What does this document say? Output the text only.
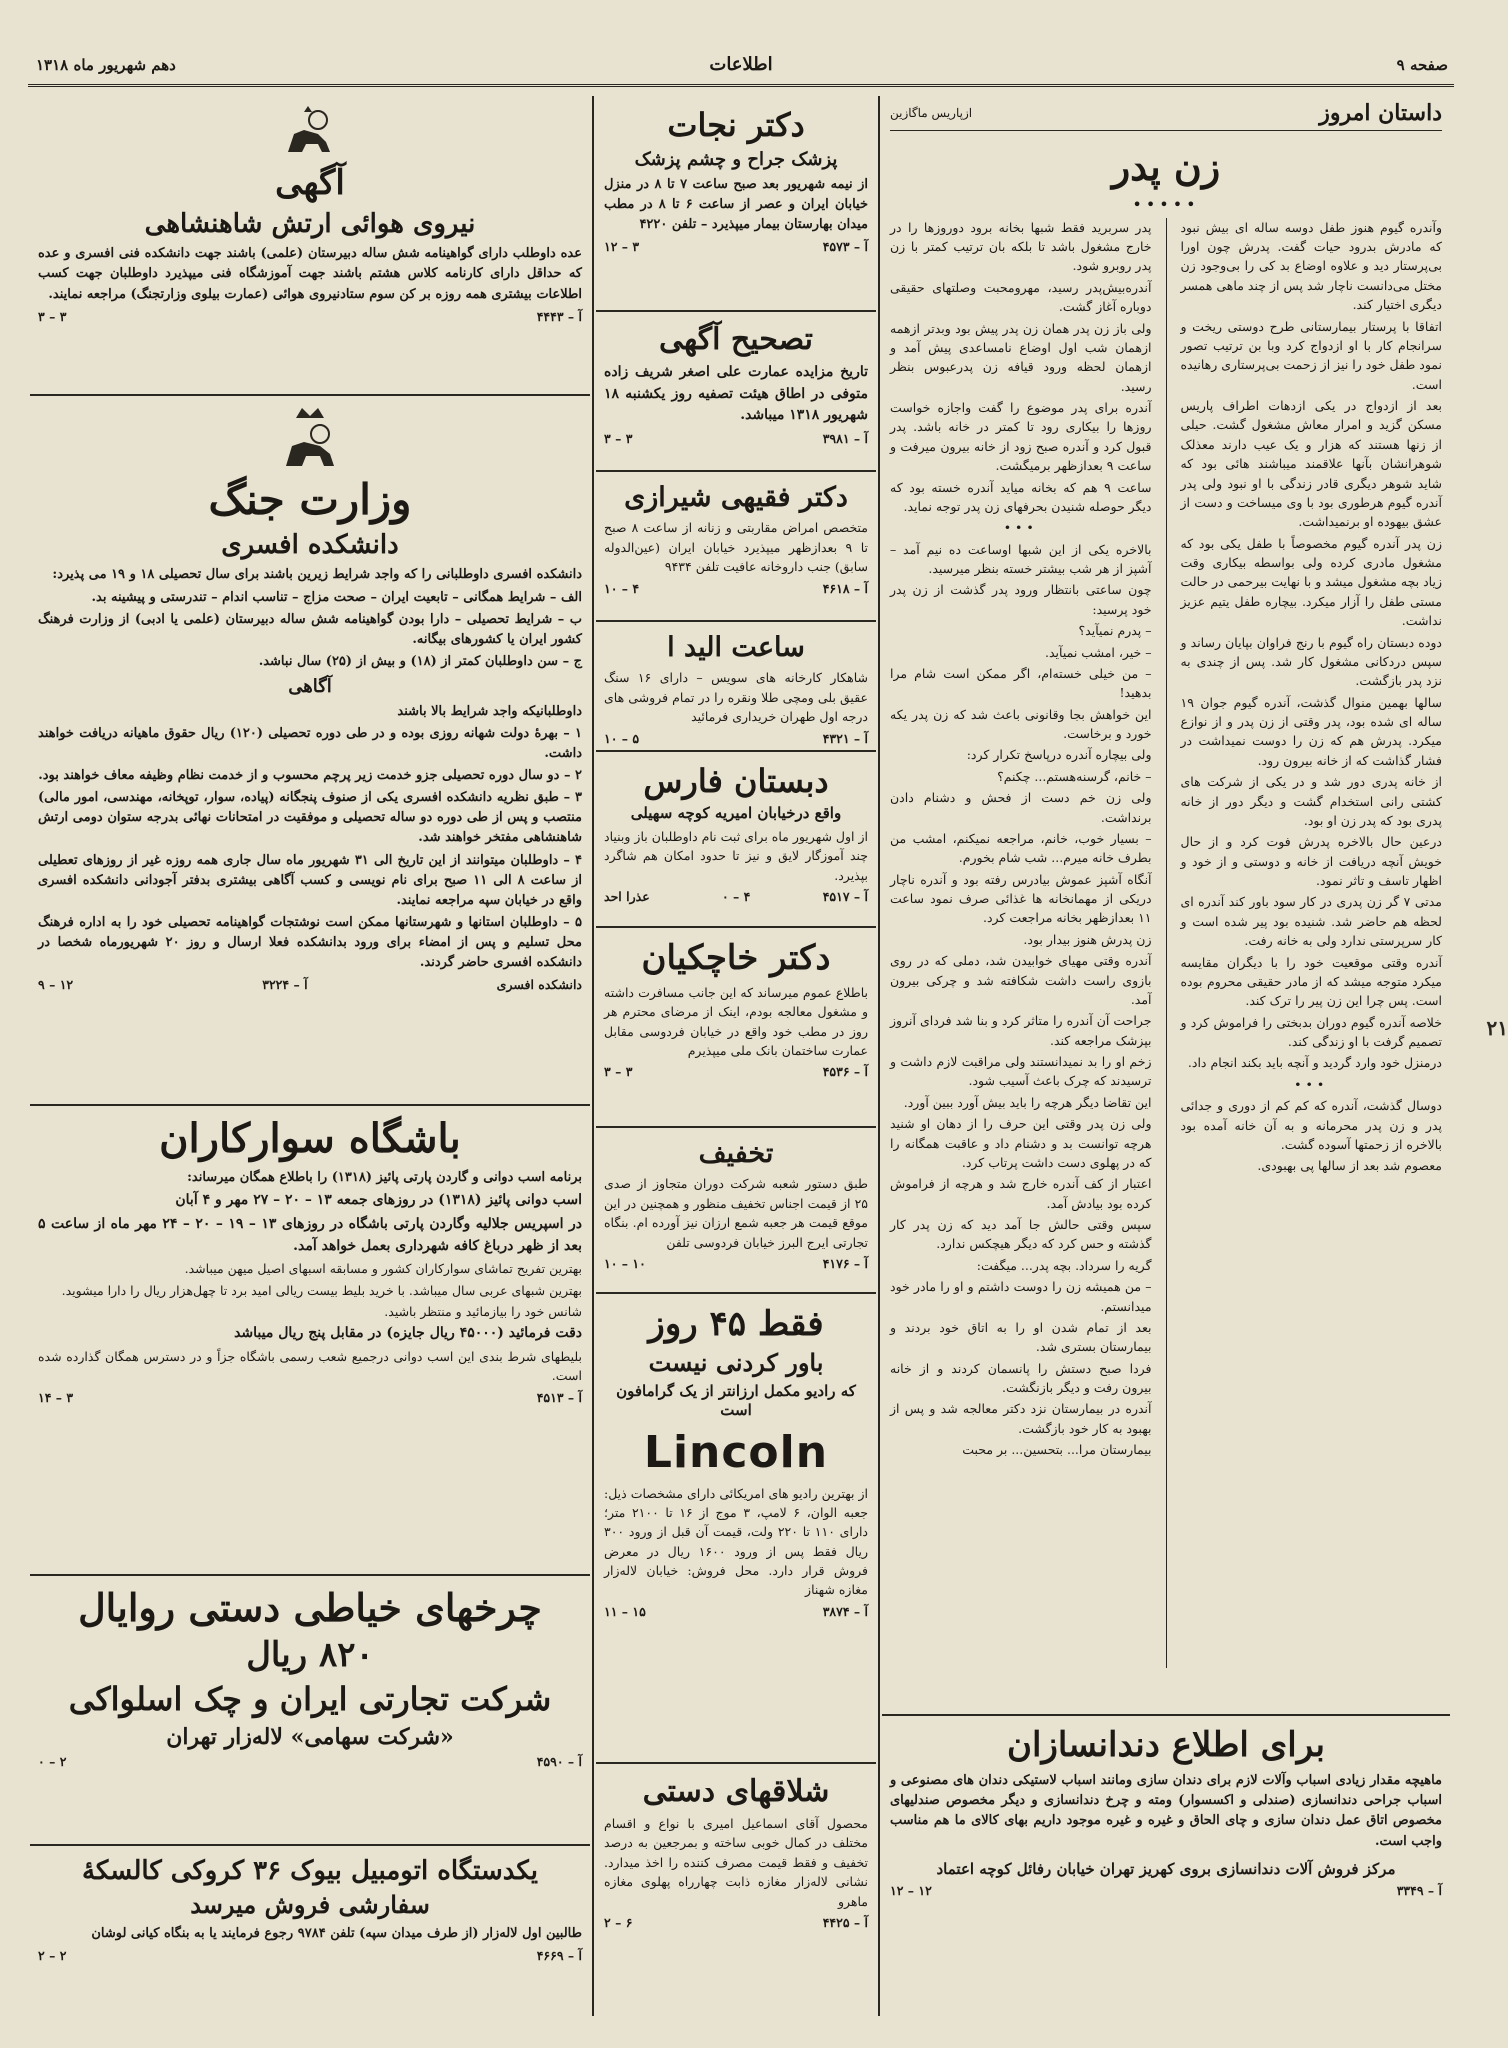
صفحه ۹
اطلاعات
دهم شهریور ماه ۱۳۱۸
۲۱
داستان امروز
ازپاریس ماگازین
زن پدر
•••••

وآندره گیوم هنوز طفل دوسه ساله ای بیش نبود که مادرش بدرود حیات گفت. پدرش چون اورا بی‌پرستار دید و علاوه اوضاع بد کی را بی‌وجود زن مختل می‌دانست ناچار شد پس از چند ماهی همسر دیگری اختیار کند.

اتفاقا با پرستار بیمارستانی طرح دوستی ریخت و سرانجام کار با او ازدواج کرد وبا بن ترتیب تصور نمود طفل خود را نیز از زحمت بی‌پرستاری رهانیده است.

بعد از ازدواج در یکی ازدهات اطراف پاریس مسکن گزید و امرار معاش مشغول گشت. حیلی از زنها هستند که هزار و یک عیب دارند معذلک شوهرانشان بآنها علاقمند میباشند هائی بود که شاید شوهر دیگری قادر زندگی با او نبود ولی پدر آندره گیوم هرطوری بود با وی میساخت و دست از عشق بیهوده او برنمیداشت.

زن پدر آندره گیوم مخصوصاً با طفل یکی بود که مشغول مادری کرده ولی بواسطه بیکاری وقت زیاد بچه مشغول میشد و با نهایت بیرحمی در حالت مستی طفل را آزار میکرد. بیچاره طفل یتیم عزیز نداشت.

دوده دبستان راه گیوم با رنج فراوان بپایان رساند و سپس دردکانی مشغول کار شد. پس از چندی به نزد پدر بازگشت.

سالها بهمین منوال گذشت، آندره گیوم جوان ۱۹ ساله ای شده بود، پدر وقتی از زن پدر و از نوازع میکرد. پدرش هم که زن را دوست نمیداشت در فشار گذاشت که از خانه بیرون رود.

از خانه پدری دور شد و در یکی از شرکت های کشتی رانی استخدام گشت و دیگر دور از خانه پدری بود که پدر زن او بود.

درعین حال بالاخره پدرش فوت کرد و از حال خویش آنچه دریافت از خانه و دوستی و از خود و اظهار تاسف و تاثر نمود.

مدتی ۷ گر زن پدری در کار سود باور کند آندره ای لحظه هم حاضر شد. شنیده بود پیر شده است و کار سرپرستی ندارد ولی به خانه رفت.

آندره وقتی موقعیت خود را با دیگران مقایسه میکرد متوجه میشد که از مادر حقیقی محروم بوده است. پس چرا این زن پیر را ترک کند.

خلاصه آندره گیوم دوران بدبختی را فراموش کرد و تصمیم گرفت با او زندگی کند.

درمنزل خود وارد گردید و آنچه باید بکند انجام داد.

•••

دوسال گذشت، آندره که کم کم از دوری و جدائی پدر و زن پدر محرمانه و به آن خانه آمده بود بالاخره از زحمتها آسوده گشت.

معصوم شد بعد از سالها پی بهبودی.

پدر سربرید فقط شبها بخانه برود دوروزها را در خارج مشغول باشد تا بلکه بان ترتیب کمتر با زن پدر روبرو شود.

آندره‌بیش‌پدر رسید، مهرومحبت وصلتهای حقیقی دوباره آغاز گشت.

ولی باز زن پدر همان زن پدر پیش بود وبدتر ازهمه ازهمان شب اول اوضاع نامساعدی پیش آمد و ازهمان لحظه ورود قیافه زن پدرعبوس بنظر رسید.

آندره برای پدر موضوع را گفت واجازه خواست روزها را بیکاری رود تا کمتر در خانه باشد. پدر قبول کرد و آندره صبح زود از خانه بیرون میرفت و ساعت ۹ بعدازظهر برمیگشت.

ساعت ۹ هم که بخانه میاید آندره خسته بود که دیگر حوصله شنیدن بحرفهای زن پدر توجه نماید.

•••

بالاخره یکی از این شبها اوساعت ده نیم آمد – آشپز از هر شب بیشتر خسته بنظر میرسید.

چون ساعتی بانتظار ورود پدر گذشت از زن پدر خود پرسید:

– پدرم نمیآید؟

– خیر، امشب نمیآید.

– من خیلی خسته‌ام، اگر ممکن است شام مرا بدهید!

این خواهش بجا وقانونی باعث شد که زن پدر یکه خورد و برخاست.

ولی بیچاره آندره درپاسخ تکرار کرد:

– خانم، گرسنه‌هستم... چکنم؟

ولی زن خم دست از فحش و دشنام دادن برنداشت.

– بسیار خوب، خانم، مراجعه نمیکنم، امشب من بطرف خانه میرم... شب شام بخورم.

آنگاه آشپز عموش بیادرس رفته بود و آندره ناچار دریکی از مهمانخانه ها غذائی صرف نمود ساعت ۱۱ بعدازظهر بخانه مراجعت کرد.

زن پدرش هنوز بیدار بود.

آندره وقتی مهیای خوابیدن شد، دملی که در روی بازوی راست داشت شکافته شد و چرکی بیرون آمد.

جراحت آن آندره را متاثر کرد و بنا شد فردای آنروز بپزشک مراجعه کند.

زخم او را بد نمیدانستند ولی مراقبت لازم داشت و ترسیدند که چرک باعث آسیب شود.

این تقاضا دیگر هرچه را باید بیش آورد ببین آورد.

ولی زن پدر وقتی این حرف را از دهان او شنید هرچه توانست بد و دشنام داد و عاقبت همگانه را که در پهلوی دست داشت پرتاب کرد.

اعتبار از کف آندره خارج شد و هرچه از فراموش کرده بود بیادش آمد.

سپس وقتی حالش جا آمد دید که زن پدر کار گذشته و حس کرد که دیگر هیچکس ندارد.

گریه را سرداد. بچه پدر... میگفت:

– من همیشه زن را دوست داشتم و او را مادر خود میدانستم.

بعد از تمام شدن او را به اتاق خود بردند و بیمارستان بستری شد.

فردا صبح دستش را پانسمان کردند و از خانه بیرون رفت و دیگر بازنگشت.

آندره در بیمارستان نزد دکتر معالجه شد و پس از بهبود به کار خود بازگشت.

بیمارستان مرا... بتحسین... بر محبت

برای اطلاع دندانسازان
ماهیچه مقدار زیادی اسباب وآلات لازم برای دندان سازی ومانند اسباب لاستیکی دندان های مصنوعی و اسباب جراحی دندانسازی (صندلی و اکسسوار) ومته و چرخ دندانسازی و دیگر مخصوص صندلیهای مخصوص اتاق عمل دندان سازی و چای الحاق و غیره و غیره موجود داریم بهای کالای ما هم مناسب واجب است.
مرکز فروش آلات دندانسازی بروی کهریز تهران خیابان رفائل کوچه اعتماد
آ – ۳۳۴۹
۱۲ – ۱۲
دکتر نجات
پزشک جراح و چشم پزشک
از نیمه شهریور بعد صبح ساعت ۷ تا ۸ در منزل خیابان ایران و عصر از ساعت ۶ تا ۸ در مطب میدان بهارستان بیمار میپذیرد – تلفن ۴۲۲۰
آ – ۴۵۷۳
۳ – ۱۲
تصحیح آگهی
تاریخ مزایده عمارت علی اصغر شریف زاده متوفی در اطاق هیئت تصفیه روز یکشنبه ۱۸ شهریور ۱۳۱۸ میباشد.
آ – ۳۹۸۱
۳ – ۳
دکتر فقیهی شیرازی
متخصص امراض مقاربتی و زنانه از ساعت ۸ صبح تا ۹ بعدازظهر میپذیرد خیابان ایران (عین‌الدوله سابق) جنب داروخانه عافیت تلفن ۹۴۳۴
آ – ۴۶۱۸
۴ – ۱۰
ساعت الید ا
شاهکار کارخانه های سویس – دارای ۱۶ سنگ عقیق بلی ومچی طلا ونقره را در تمام فروشی های درجه اول طهران خریداری فرمائید
آ – ۴۳۲۱
۵ – ۱۰
دبستان فارس
واقع درخیابان امیریه کوچه سهیلی
از اول شهریور ماه برای ثبت نام داوطلبان باز وبنیاد چند آموزگار لایق و نیز تا حدود امکان هم شاگرد بپذیرد.
آ – ۴۵۱۷
۴ – ۰
عذرا احد
دکتر خاچکیان
باطلاع عموم میرساند که این جانب مسافرت داشته و مشغول معالجه بودم، اینک از مرضای محترم هر روز در مطب خود واقع در خیابان فردوسی مقابل عمارت ساختمان بانک ملی میپذیرم
آ – ۴۵۳۶
۳ – ۳
تخفیف
طبق دستور شعبه شرکت دوران متجاوز از صدی ۲۵ از قیمت اجناس تخفیف منظور و همچنین در این موقع قیمت هر جعبه شمع ارزان نیز آورده ام. بنگاه تجارتی ایرج البرز خیابان فردوسی تلفن
آ – ۴۱۷۶
۱۰ – ۱۰
فقط ۴۵ روز
باور کردنی نیست
که رادیو مکمل ارزانتر از یک گرامافون است
Lincoln
از بهترین رادیو های امریکائی دارای مشخصات ذیل: جعبه الوان، ۶ لامپ، ۳ موج از ۱۶ تا ۲۱۰۰ متر؛ دارای ۱۱۰ تا ۲۲۰ ولت، قیمت آن قبل از ورود ۳۰۰ ریال فقط پس از ورود ۱۶۰۰ ریال در معرض فروش قرار دارد. محل فروش: خیابان لاله‌زار مغازه شهناز
آ – ۳۸۷۴
۱۵ – ۱۱
شلاقهای دستی
محصول آقای اسماعیل امیری با نواع و اقسام مختلف در کمال خوبی ساخته و بمرجعین به درصد تخفیف و فقط قیمت مصرف کننده را اخذ میدارد. نشانی لاله‌زار مغازه ذابت چهارراه پهلوی مغازه ماهرو
آ – ۴۴۲۵
۶ – ۲
آگهی
نیروی هوائی ارتش شاهنشاهی
عده داوطلب دارای گواهینامه شش ساله دبیرستان (علمی) باشند جهت دانشکده فنی افسری و عده که حداقل دارای کارنامه کلاس هشتم باشند جهت آموزشگاه فنی میپذیرد داوطلبان جهت کسب اطلاعات بیشتری همه روزه بر کن سوم ستادنیروی هوائی (عمارت بیلوی وزارتجنگ) مراجعه نمایند.
آ – ۴۴۴۳
۳ – ۳
وزارت جنگ
دانشکده افسری
دانشکده افسری داوطلبانی را که واجد شرایط زیرین باشند برای سال تحصیلی ۱۸ و ۱۹ می پذیرد:
الف – شرایط همگانی – تابعیت ایران – صحت مزاج – تناسب اندام – تندرستی و پیشینه بد.
ب – شرایط تحصیلی – دارا بودن گواهینامه شش ساله دبیرستان (علمی یا ادبی) از وزارت فرهنگ کشور ایران یا کشورهای بیگانه.
ج – سن داوطلبان کمتر از (۱۸) و بیش از (۲۵) سال نباشد.
آگاهی
داوطلبانیکه واجد شرایط بالا باشند
۱ – بهرهٔ دولت شهانه روزی بوده و در طی دوره تحصیلی (۱۲۰) ریال حقوق ماهیانه دریافت خواهند داشت.
۲ – دو سال دوره تحصیلی جزو خدمت زیر پرچم محسوب و از خدمت نظام وظیفه معاف خواهند بود.
۳ – طبق نظریه دانشکده افسری یکی از صنوف پنجگانه (پیاده، سوار، توپخانه، مهندسی، امور مالی) منتصب و پس از طی دوره دو ساله تحصیلی و موفقیت در امتحانات نهائی بدرجه ستوان دومی ارتش شاهنشاهی مفتخر خواهند شد.
۴ – داوطلبان میتوانند از این تاریخ الی ۳۱ شهریور ماه سال جاری همه روزه غیر از روزهای تعطیلی از ساعت ۸ الی ۱۱ صبح برای نام نویسی و کسب آگاهی بیشتری بدفتر آجودانی دانشکده افسری واقع در خیابان سپه مراجعه نمایند.
۵ – داوطلبان استانها و شهرستانها ممکن است نوشتجات گواهینامه تحصیلی خود را به اداره فرهنگ محل تسلیم و پس از امضاء برای ورود بدانشکده فعلا ارسال و روز ۲۰ شهریورماه شخصا در دانشکده افسری حاضر گردند.
دانشکده افسری
آ – ۳۲۲۴
۱۲ – ۹
باشگاه سوارکاران
برنامه اسب دوانی و گاردن پارتی پائیز (۱۳۱۸) را باطلاع همگان میرساند:
اسب دوانی پائیز (۱۳۱۸) در روزهای جمعه ۱۳ – ۲۰ – ۲۷ مهر و ۴ آبان
در اسپریس جلالیه وگاردن پارتی باشگاه در روزهای ۱۳ – ۱۹ – ۲۰ – ۲۴ مهر ماه از ساعت ۵ بعد از ظهر درباغ کافه شهرداری بعمل خواهد آمد.
بهترین تفریح تماشای سوارکاران کشور و مسابقه اسبهای اصیل میهن میباشد.
بهترین شبهای عربی سال میباشد. با خرید بلیط بیست ریالی امید برد تا چهل‌هزار ریال را دارا میشوید.
شانس خود را بیازمائید و منتظر باشید.
دقت فرمائید (۴۵۰۰۰ ریال جایزه) در مقابل پنج ریال میباشد
بلیطهای شرط بندی این اسب دوانی درجمیع شعب رسمی باشگاه جزاً و در دسترس همگان گذارده شده است.
آ – ۴۵۱۳
۳ – ۱۴
چرخهای خیاطی دستی روایال
۸۲۰ ریال
شرکت تجارتی ایران و چک اسلواکی
«شرکت سهامی» لاله‌زار تهران
آ – ۴۵۹۰
۲ – ۰
یکدستگاه اتومبیل بیوک ۳۶ کروکی کالسکهٔ
سفارشی فروش میرسد
طالبین اول لاله‌زار (از طرف میدان سپه) تلفن ۹۷۸۴ رجوع فرمایند یا به بنگاه کیانی لوشان
آ – ۴۶۶۹
۲ – ۲
